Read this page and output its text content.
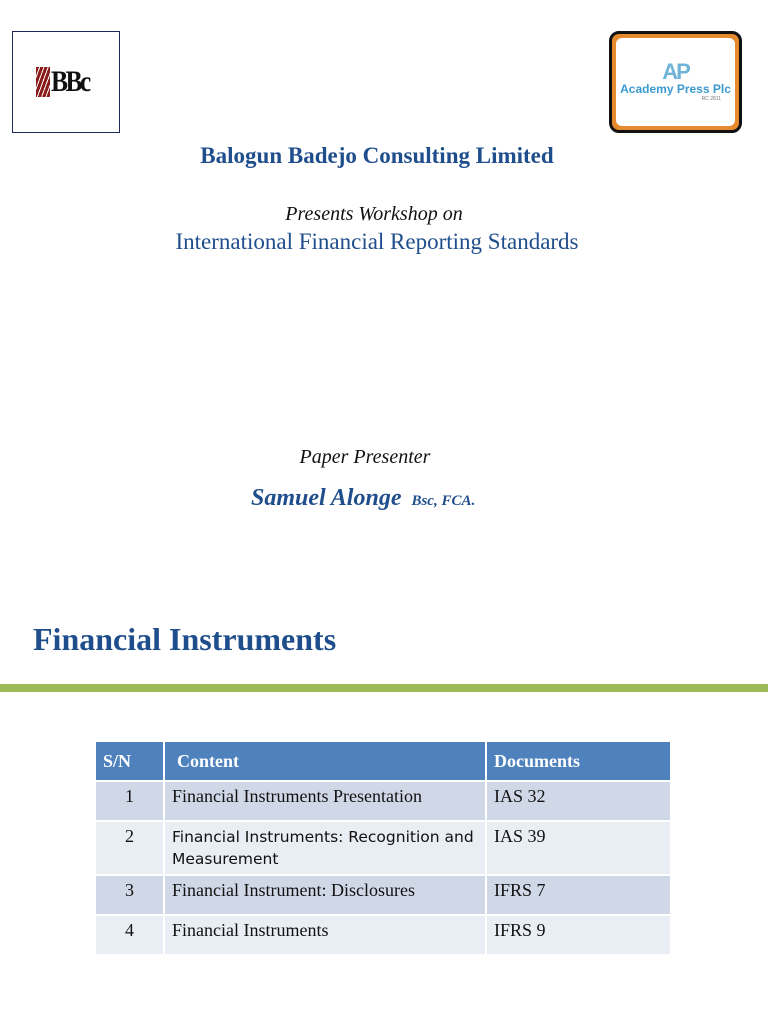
BBc	AP
Academy Press Plc
RC 2811
Balogun Badejo Consulting Limited
Presents Workshop on
International Financial Reporting Standards
Paper Presenter
Samuel Alonge Bsc, FCA.
Financial Instruments
S/N	Content	Documents
1	Financial Instruments Presentation	IAS 32
2	Financial Instruments: Recognition and Measurement	IAS 39
3	Financial Instrument: Disclosures	IFRS 7
4	Financial Instruments	IFRS 9
